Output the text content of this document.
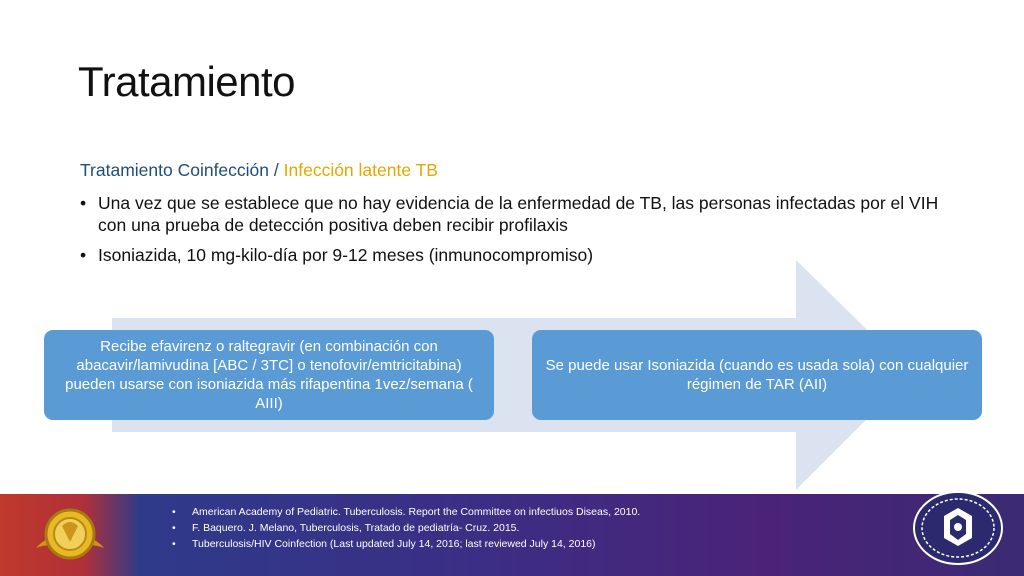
Tratamiento
Tratamiento Coinfección / Infección latente TB
• Una vez que se establece que no hay evidencia de la enfermedad de TB, las personas infectadas por el VIH con una prueba de detección positiva deben recibir profilaxis
• Isoniazida, 10 mg-kilo-día por 9-12 meses (inmunocompromiso)
Recibe efavirenz o raltegravir (en combinación con abacavir/lamivudina [ABC / 3TC] o tenofovir/emtricitabina) pueden usarse con isoniazida más rifapentina 1vez/semana ( AIII)
Se puede usar Isoniazida (cuando es usada sola) con cualquier régimen de TAR (AII)
• American Academy of Pediatric. Tuberculosis. Report the Committee on infectiuos Diseas, 2010.
• F. Baquero. J. Melano, Tuberculosis, Tratado de pediatría- Cruz. 2015.
• Tuberculosis/HIV Coinfection (Last updated July 14, 2016; last reviewed July 14, 2016)
